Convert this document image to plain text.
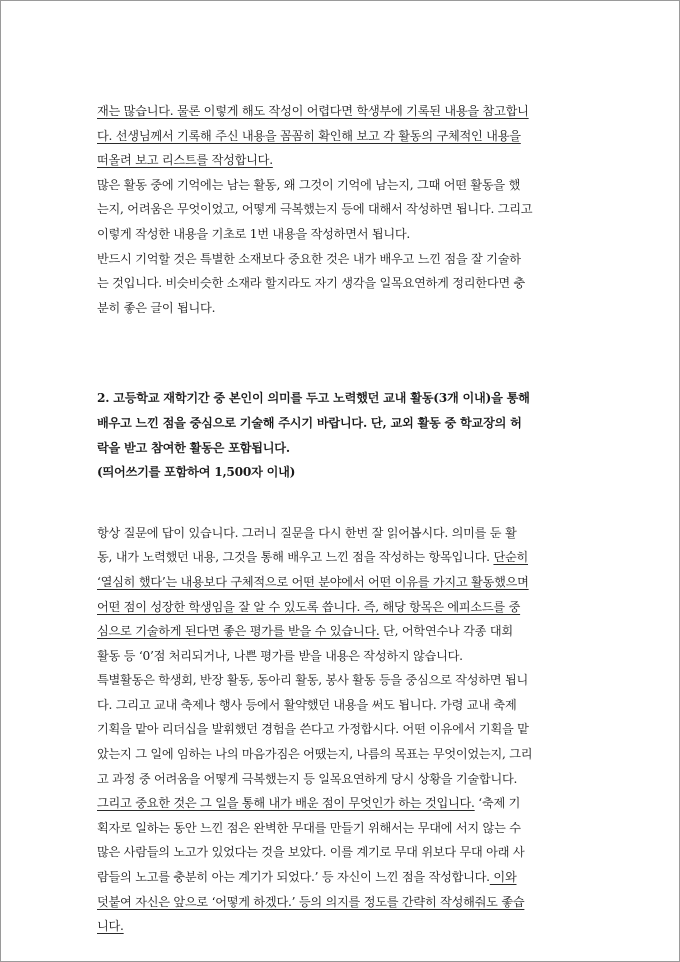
재는 많습니다. 물론 이렇게 해도 작성이 어렵다면 학생부에 기록된 내용을 참고합니
다. 선생님께서 기록해 주신 내용을 꼼꼼히 확인해 보고 각 활동의 구체적인 내용을
떠올려 보고 리스트를 작성합니다.
많은 활동 중에 기억에는 남는 활동, 왜 그것이 기억에 남는지, 그때 어떤 활동을 했
는지, 어려움은 무엇이었고, 어떻게 극복했는지 등에 대해서 작성하면 됩니다. 그리고
이렇게 작성한 내용을 기초로 1번 내용을 작성하면서 됩니다.
반드시 기억할 것은 특별한 소재보다 중요한 것은 내가 배우고 느낀 점을 잘 기술하
는 것입니다. 비슷비슷한 소재라 할지라도 자기 생각을 일목요연하게 정리한다면 충
분히 좋은 글이 됩니다.
2. 고등학교 재학기간 중 본인이 의미를 두고 노력했던 교내 활동(3개 이내)을 통해
배우고 느낀 점을 중심으로 기술해 주시기 바랍니다. 단, 교외 활동 중 학교장의 허
락을 받고 참여한 활동은 포함됩니다.
(띄어쓰기를 포함하여 1,500자 이내)
항상 질문에 답이 있습니다. 그러니 질문을 다시 한번 잘 읽어봅시다. 의미를 둔 활
동, 내가 노력했던 내용, 그것을 통해 배우고 느낀 점을 작성하는 항목입니다. 단순히
‘열심히 했다’는 내용보다 구체적으로 어떤 분야에서 어떤 이유를 가지고 활동했으며
어떤 점이 성장한 학생임을 잘 알 수 있도록 씁니다. 즉, 해당 항목은 에피소드를 중
심으로 기술하게 된다면 좋은 평가를 받을 수 있습니다. 단, 어학연수나 각종 대회
활동 등 ‘0’점 처리되거나, 나쁜 평가를 받을 내용은 작성하지 않습니다.
특별활동은 학생회, 반장 활동, 동아리 활동, 봉사 활동 등을 중심으로 작성하면 됩니
다. 그리고 교내 축제나 행사 등에서 활약했던 내용을 써도 됩니다. 가령 교내 축제
기획을 맡아 리더십을 발휘했던 경험을 쓴다고 가정합시다. 어떤 이유에서 기획을 맡
았는지 그 일에 임하는 나의 마음가짐은 어땠는지, 나름의 목표는 무엇이었는지, 그리
고 과정 중 어려움을 어떻게 극복했는지 등 일목요연하게 당시 상황을 기술합니다.
그리고 중요한 것은 그 일을 통해 내가 배운 점이 무엇인가 하는 것입니다. ‘축제 기
획자로 일하는 동안 느낀 점은 완벽한 무대를 만들기 위해서는 무대에 서지 않는 수
많은 사람들의 노고가 있었다는 것을 보았다. 이를 계기로 무대 위보다 무대 아래 사
람들의 노고를 충분히 아는 계기가 되었다.’ 등 자신이 느낀 점을 작성합니다. 이와
덧붙여 자신은 앞으로 ‘어떻게 하겠다.’ 등의 의지를 정도를 간략히 작성해줘도 좋습
니다.
